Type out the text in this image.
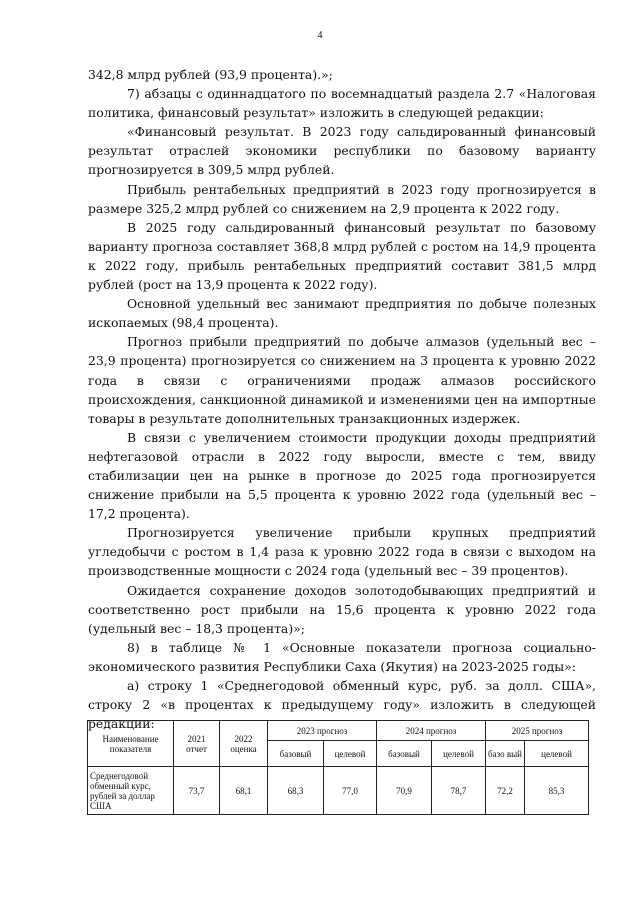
4

342,8 млрд рублей (93,9 процента).»;

7) абзацы с одиннадцатого по восемнадцатый раздела 2.7 «Налоговая политика, финансовый результат» изложить в следующей редакции:

«Финансовый результат. В 2023 году сальдированный финансовый результат отраслей экономики республики по базовому варианту прогнозируется в 309,5 млрд рублей.

Прибыль рентабельных предприятий в 2023 году прогнозируется в размере 325,2 млрд рублей со снижением на 2,9 процента к 2022 году.

В 2025 году сальдированный финансовый результат по базовому варианту прогноза составляет 368,8 млрд рублей с ростом на 14,9 процента к 2022 году, прибыль рентабельных предприятий составит 381,5 млрд рублей (рост на 13,9 процента к 2022 году).

Основной удельный вес занимают предприятия по добыче полезных ископаемых (98,4 процента).

Прогноз прибыли предприятий по добыче алмазов (удельный вес – 23,9 процента) прогнозируется со снижением на 3 процента к уровню 2022 года в связи с ограничениями продаж алмазов российского происхождения, санкционной динамикой и изменениями цен на импортные товары в результате дополнительных транзакционных издержек.

В связи с увеличением стоимости продукции доходы предприятий нефтегазовой отрасли в 2022 году выросли, вместе с тем, ввиду стабилизации цен на рынке в прогнозе до 2025 года прогнозируется снижение прибыли на 5,5 процента к уровню 2022 года (удельный вес – 17,2 процента).

Прогнозируется увеличение прибыли крупных предприятий угледобычи с ростом в 1,4 раза к уровню 2022 года в связи с выходом на производственные мощности с 2024 года (удельный вес – 39 процентов).

Ожидается сохранение доходов золотодобывающих предприятий и соответственно рост прибыли на 15,6 процента к уровню 2022 года (удельный вес – 18,3 процента)»;

8) в таблице № 1 «Основные показатели прогноза социально-экономического развития Республики Саха (Якутия) на 2023-2025 годы»:

а) строку 1 «Среднегодовой обменный курс, руб. за долл. США», строку 2 «в процентах к предыдущему году» изложить в следующей редакции:

Наименование показателя	2021 отчет	2022 оценка	2023 прогноз		2024 прогноз		2025 прогноз	
			базовый	целевой	базовый	целевой	базо вый	целевой
Среднегодовой обменный курс, рублей за доллар США	73,7	68,1	68,3	77,0	70,9	78,7	72,2	85,3
